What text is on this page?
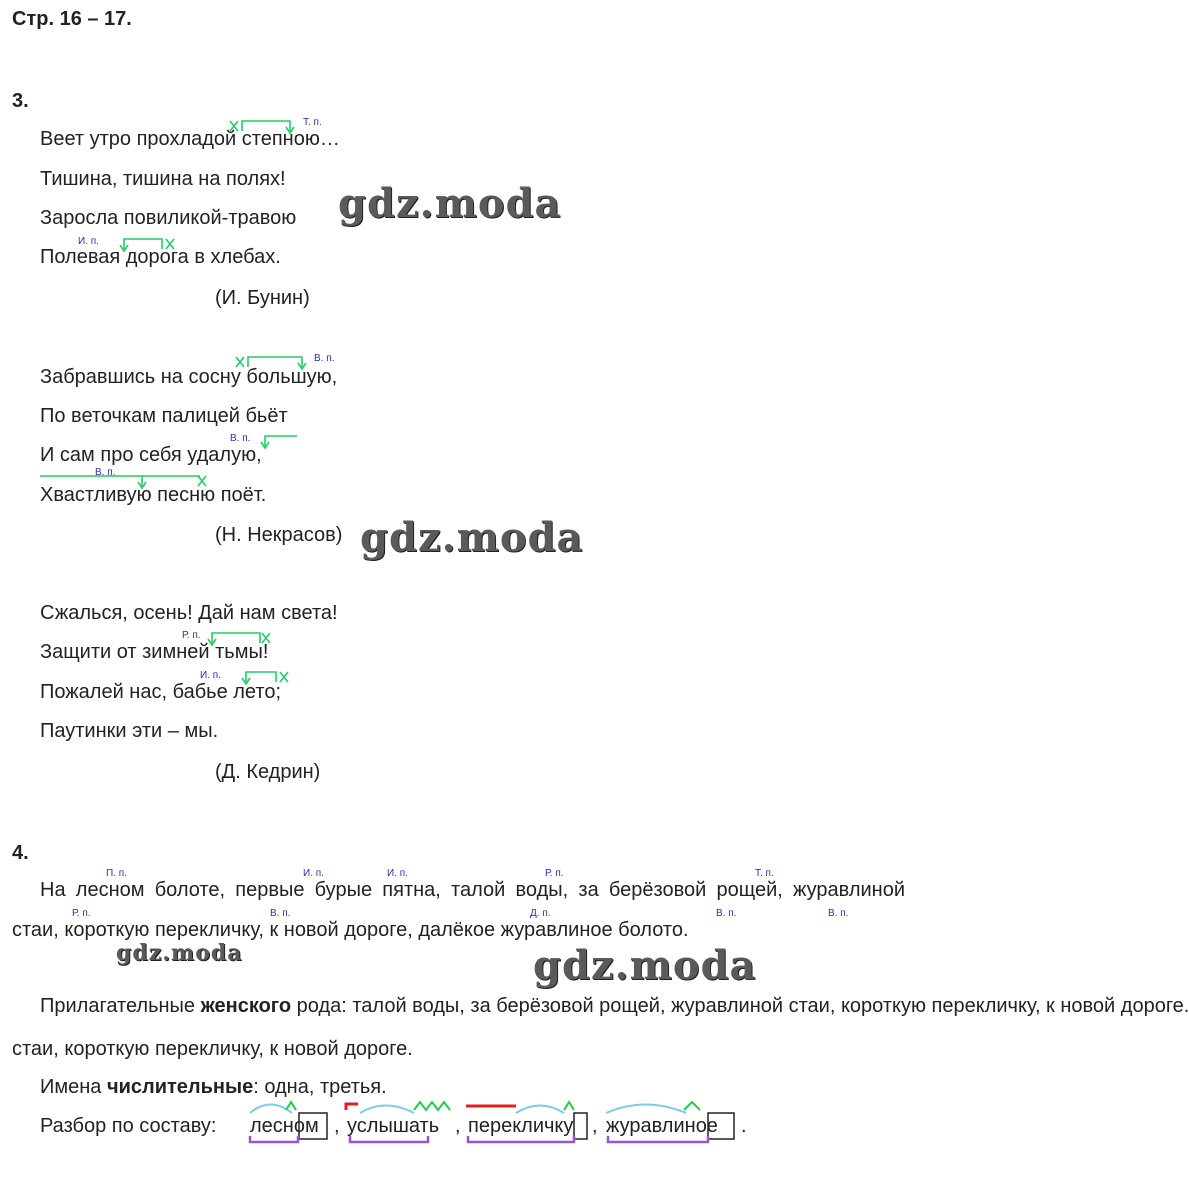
Стр. 16 – 17.
3.
Веет утро прохладой степною…
Тишина, тишина на полях!
Заросла повиликой-травою
Полевая дорога в хлебах.
(И. Бунин)
Забравшись на сосну большую,
По веточкам палицей бьёт
И сам про себя удалую,
Хвастливую песню поёт.
(Н. Некрасов)
Сжалься, осень! Дай нам света!
Защити от зимней тьмы!
Пожалей нас, бабье лето;
Паутинки эти – мы.
(Д. Кедрин)
Т. п.
И. п.
В. п.
В. п.
В. п.
Р. п.
И. п.
4.
На лесном болоте, первые бурые пятна, талой воды, за берёзовой рощей, журавлиной стаи, короткую перекличку, к новой дороге, далёкое журавлиное болото.
П. п.	И. п.	И. п.	Р. п.	Т. п.
Р. п.	В. п.	Д. п.	В. п.	В. п.
Прилагательные женского рода: талой воды, за берёзовой рощей, журавлиной стаи, короткую перекличку, к новой дороге.
стаи, короткую перекличку, к новой дороге.
Имена числительные: одна, третья.
Разбор по составу: лесном , услышать , перекличку , журавлиное .
gdz.moda
gdz.moda
gdz.moda	gdz.moda
